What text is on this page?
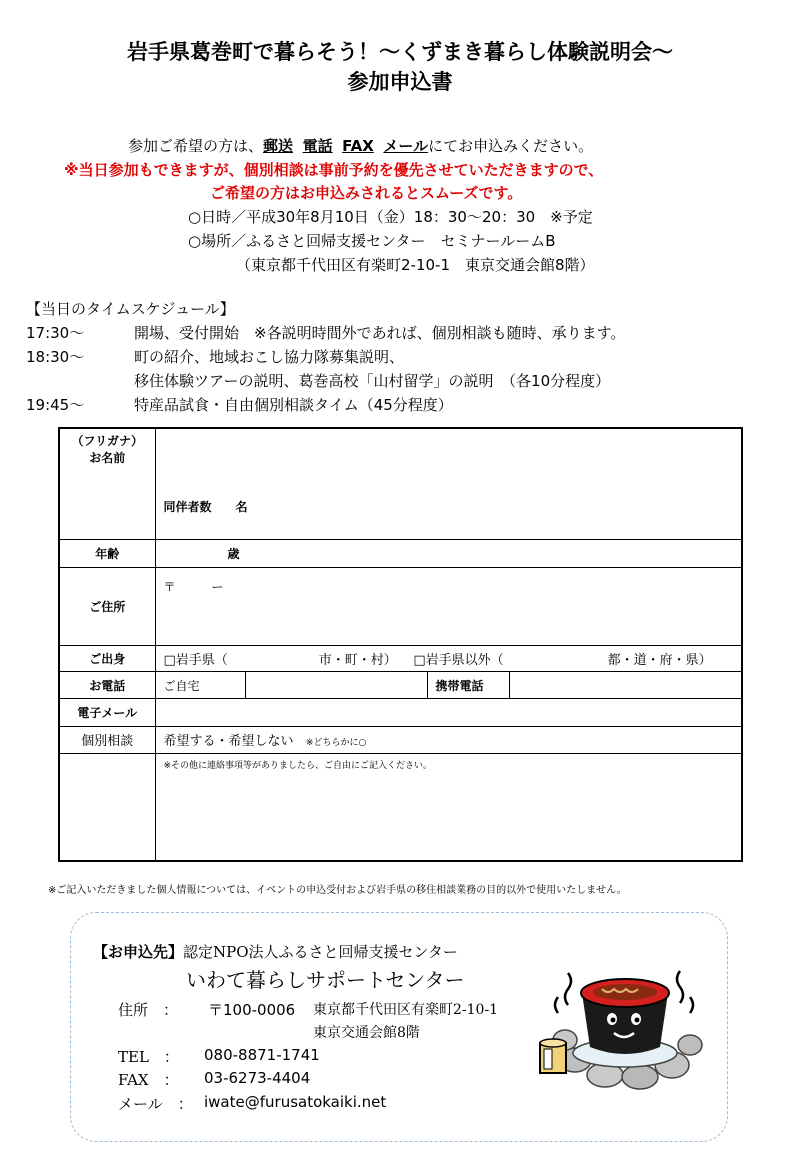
岩手県葛巻町で暮らそう！～くずまき暮らし体験説明会～
参加申込書
参加ご希望の方は、郵送 電話 FAX メールにてお申込みください。
※当日参加もできますが、個別相談は事前予約を優先させていただきますので、
ご希望の方はお申込みされるとスムーズです。
○日時／平成30年8月10日（金）18：30～20：30　※予定
○場所／ふるさと回帰支援センター　セミナールームB
（東京都千代田区有楽町2-10-1　東京交通会館8階）
【当日のタイムスケジュール】
17:30～	開場、受付開始　※各説明時間外であれば、個別相談も随時、承ります。
18:30～	町の紹介、地域おこし協力隊募集説明、
移住体験ツアーの説明、葛巻高校「山村留学」の説明　（各10分程度）
19:45～	特産品試食・自由個別相談タイム（45分程度）
（フリガナ）
お名前	同伴者数　　名			
年齢	歳			
ご住所	〒　　　ー			
ご出身	□岩手県（　　　　　　　市・町・村） □岩手県以外（　　　　　　　　都・道・府・県）			
お電話	ご自宅		携帯電話	
電子メール				
個別相談	希望する・希望しない ※どちらかに○			
	※その他に連絡事項等がありましたら、ご自由にご記入ください。			
※ご記入いただきました個人情報については、イベントの申込受付および岩手県の移住相談業務の目的以外で使用いたしません。
【お申込先】認定NPO法人ふるさと回帰支援センター
いわて暮らしサポートセンター
住所　： 〒100-0006 東京都千代田区有楽町2-10-1
東京交通会館8階
TEL　： 080-8871-1741
FAX　： 03-6273-4404
メール　： iwate@furusatokaiki.net
